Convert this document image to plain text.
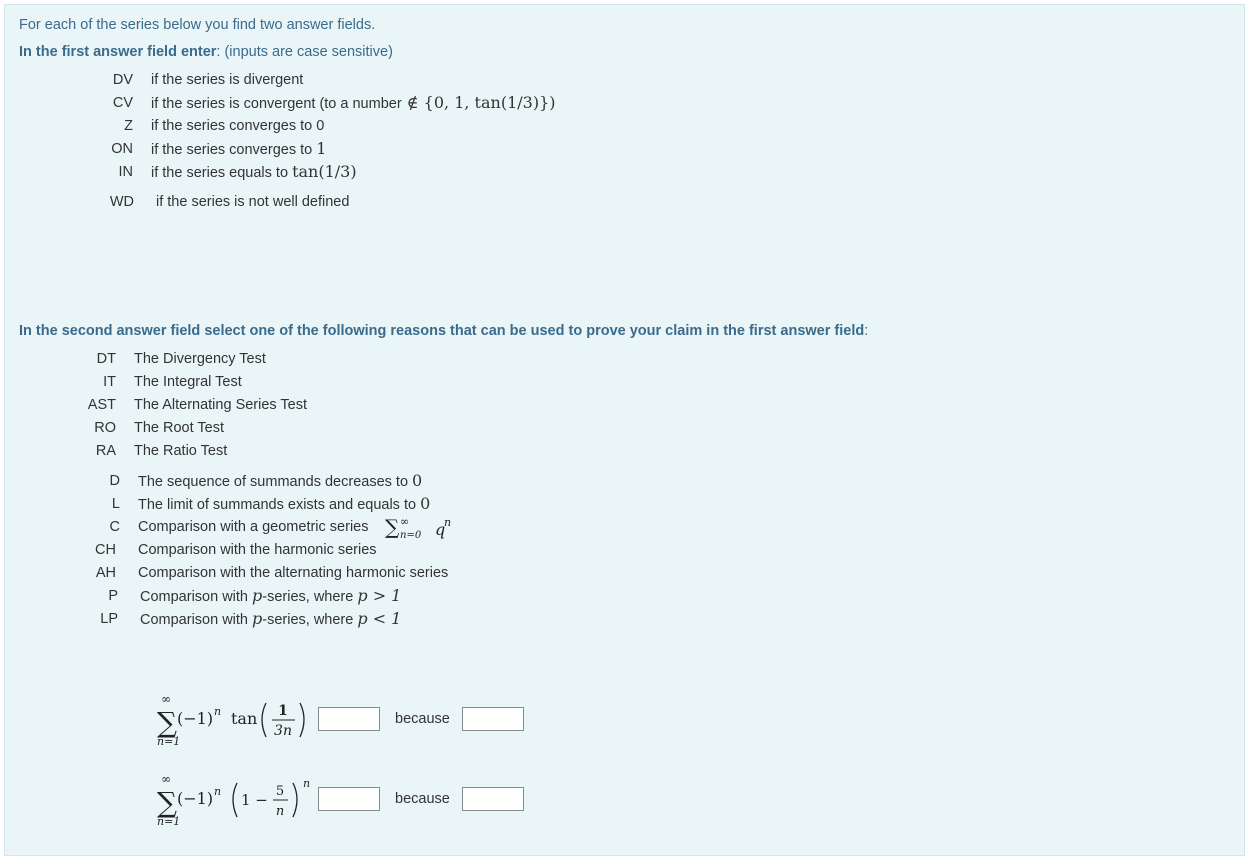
For each of the series below you find two answer fields.
In the first answer field enter: (inputs are case sensitive)
DV if the series is divergent
CV if the series is convergent (to a number ∉ {0, 1, tan(1/3)})
Z if the series converges to 0
ON if the series converges to 1
IN if the series equals to tan(1/3)
WD if the series is not well defined
In the second answer field select one of the following reasons that can be used to prove your claim in the first answer field:
DT The Divergency Test
IT The Integral Test
AST The Alternating Series Test
RO The Root Test
RA The Ratio Test
D The sequence of summands decreases to 0
L The limit of summands exists and equals to 0
C Comparison with a geometric series ∑ ∞
n=0 q
n
CH Comparison with the harmonic series
AH Comparison with the alternating harmonic series
P Comparison with p-series, where p > 1
LP Comparison with p-series, where p < 1
∞
∑
n=1
(−1) n tan 1
3n
because
∞
∑
n=1
(−1) n 1 − 5
n
n
because
